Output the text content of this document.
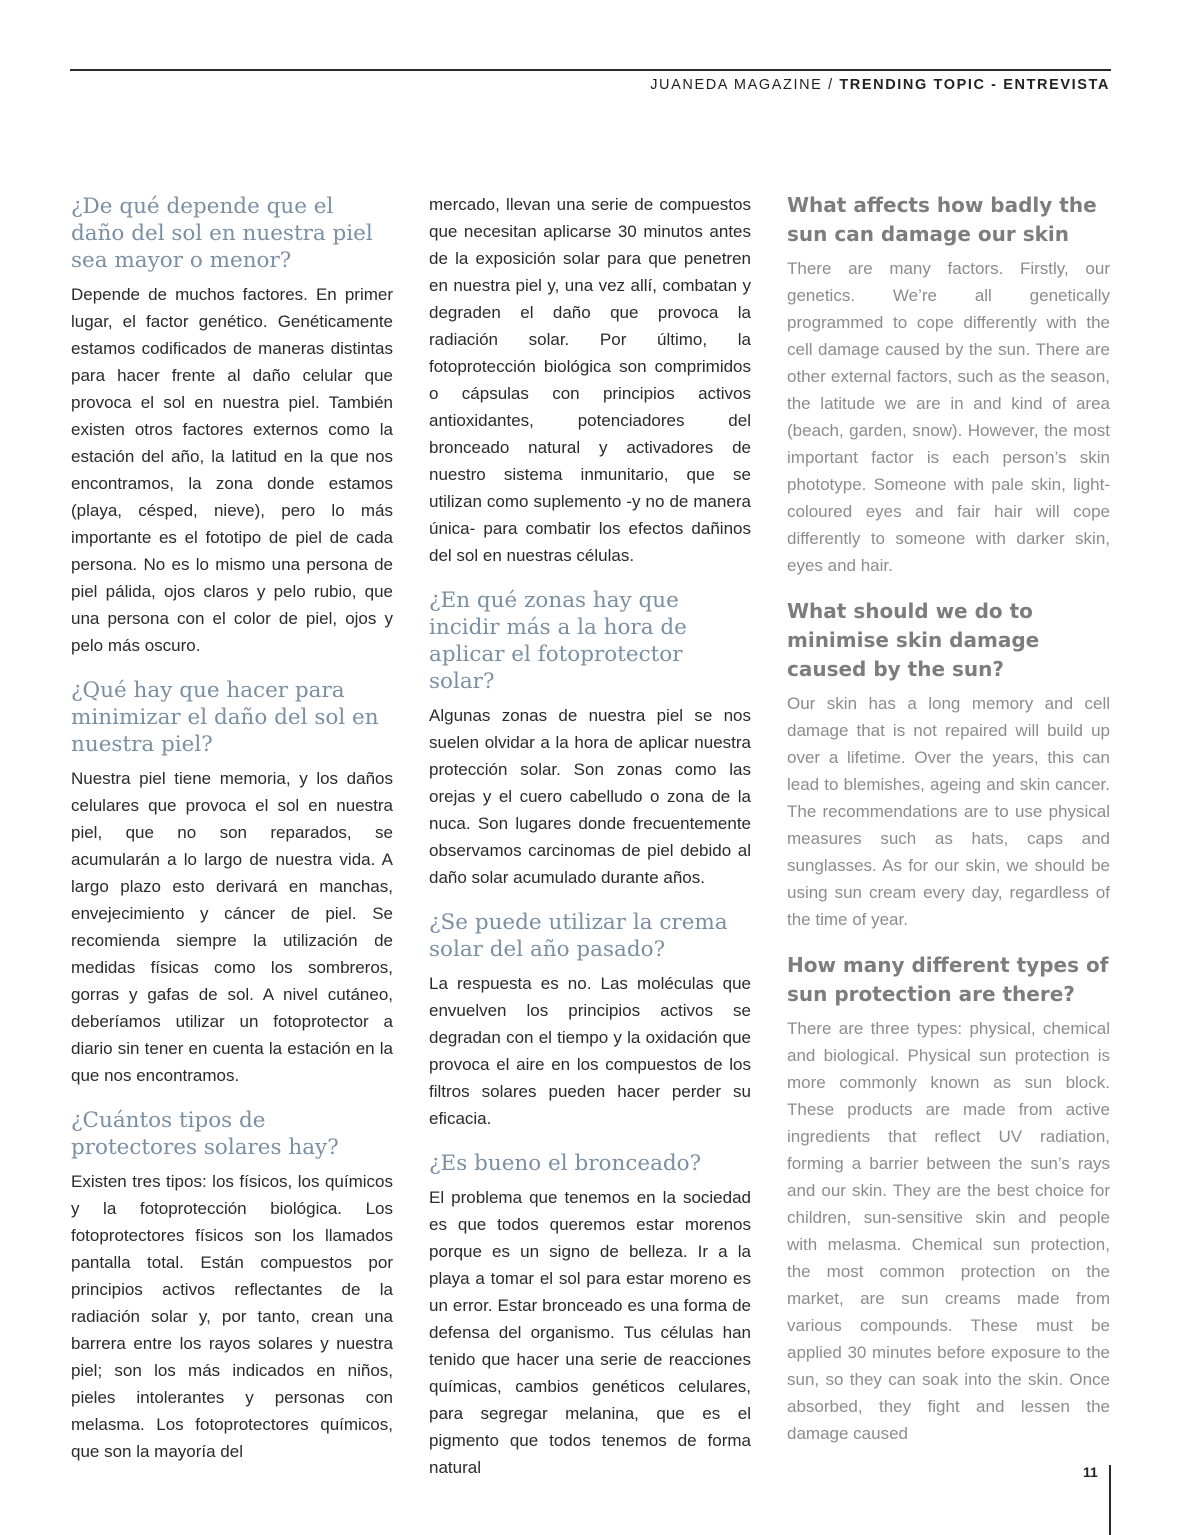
JUANEDA MAGAZINE / TRENDING TOPIC - ENTREVISTA
¿De qué depende que el daño del sol en nuestra piel sea mayor o menor?

Depende de muchos factores. En primer lugar, el factor genético. Genéticamente estamos codificados de maneras distintas para hacer frente al daño celular que provoca el sol en nuestra piel. También existen otros factores externos como la estación del año, la latitud en la que nos encontramos, la zona donde estamos (playa, césped, nieve), pero lo más importante es el fototipo de piel de cada persona. No es lo mismo una persona de piel pálida, ojos claros y pelo rubio, que una persona con el color de piel, ojos y pelo más oscuro.

¿Qué hay que hacer para minimizar el daño del sol en nuestra piel?

Nuestra piel tiene memoria, y los daños celulares que provoca el sol en nuestra piel, que no son reparados, se acumularán a lo largo de nuestra vida. A largo plazo esto derivará en manchas, envejecimiento y cáncer de piel. Se recomienda siempre la utilización de medidas físicas como los sombreros, gorras y gafas de sol. A nivel cutáneo, deberíamos utilizar un fotoprotector a diario sin tener en cuenta la estación en la que nos encontramos.

¿Cuántos tipos de protectores solares hay?

Existen tres tipos: los físicos, los químicos y la fotoprotección biológica. Los fotoprotectores físicos son los llamados pantalla total. Están compuestos por principios activos reflectantes de la radiación solar y, por tanto, crean una barrera entre los rayos solares y nuestra piel; son los más indicados en niños, pieles intolerantes y personas con melasma. Los fotoprotectores químicos, que son la mayoría del

mercado, llevan una serie de compuestos que necesitan aplicarse 30 minutos antes de la exposición solar para que penetren en nuestra piel y, una vez allí, combatan y degraden el daño que provoca la radiación solar. Por último, la fotoprotección biológica son comprimidos o cápsulas con principios activos antioxidantes, potenciadores del bronceado natural y activadores de nuestro sistema inmunitario, que se utilizan como suplemento -y no de manera única- para combatir los efectos dañinos del sol en nuestras células.

¿En qué zonas hay que incidir más a la hora de aplicar el fotoprotector solar?

Algunas zonas de nuestra piel se nos suelen olvidar a la hora de aplicar nuestra protección solar. Son zonas como las orejas y el cuero cabelludo o zona de la nuca. Son lugares donde frecuentemente observamos carcinomas de piel debido al daño solar acumulado durante años.

¿Se puede utilizar la crema solar del año pasado?

La respuesta es no. Las moléculas que envuelven los principios activos se degradan con el tiempo y la oxidación que provoca el aire en los compuestos de los filtros solares pueden hacer perder su eficacia.

¿Es bueno el bronceado?

El problema que tenemos en la sociedad es que todos queremos estar morenos porque es un signo de belleza. Ir a la playa a tomar el sol para estar moreno es un error. Estar bronceado es una forma de defensa del organismo. Tus células han tenido que hacer una serie de reacciones químicas, cambios genéticos celulares, para segregar melanina, que es el pigmento que todos tenemos de forma natural

What affects how badly the sun can damage our skin

There are many factors. Firstly, our genetics. We’re all genetically programmed to cope differently with the cell damage caused by the sun. There are other external factors, such as the season, the latitude we are in and kind of area (beach, garden, snow). However, the most important factor is each person’s skin phototype. Someone with pale skin, light-coloured eyes and fair hair will cope differently to someone with darker skin, eyes and hair.

What should we do to minimise skin damage caused by the sun?

Our skin has a long memory and cell damage that is not repaired will build up over a lifetime. Over the years, this can lead to blemishes, ageing and skin cancer. The recommendations are to use physical measures such as hats, caps and sunglasses. As for our skin, we should be using sun cream every day, regardless of the time of year.

How many different types of sun protection are there?

There are three types: physical, chemical and biological. Physical sun protection is more commonly known as sun block. These products are made from active ingredients that reflect UV radiation, forming a barrier between the sun’s rays and our skin. They are the best choice for children, sun-sensitive skin and people with melasma. Chemical sun protection, the most common protection on the market, are sun creams made from various compounds. These must be applied 30 minutes before exposure to the sun, so they can soak into the skin. Once absorbed, they fight and lessen the damage caused

11
